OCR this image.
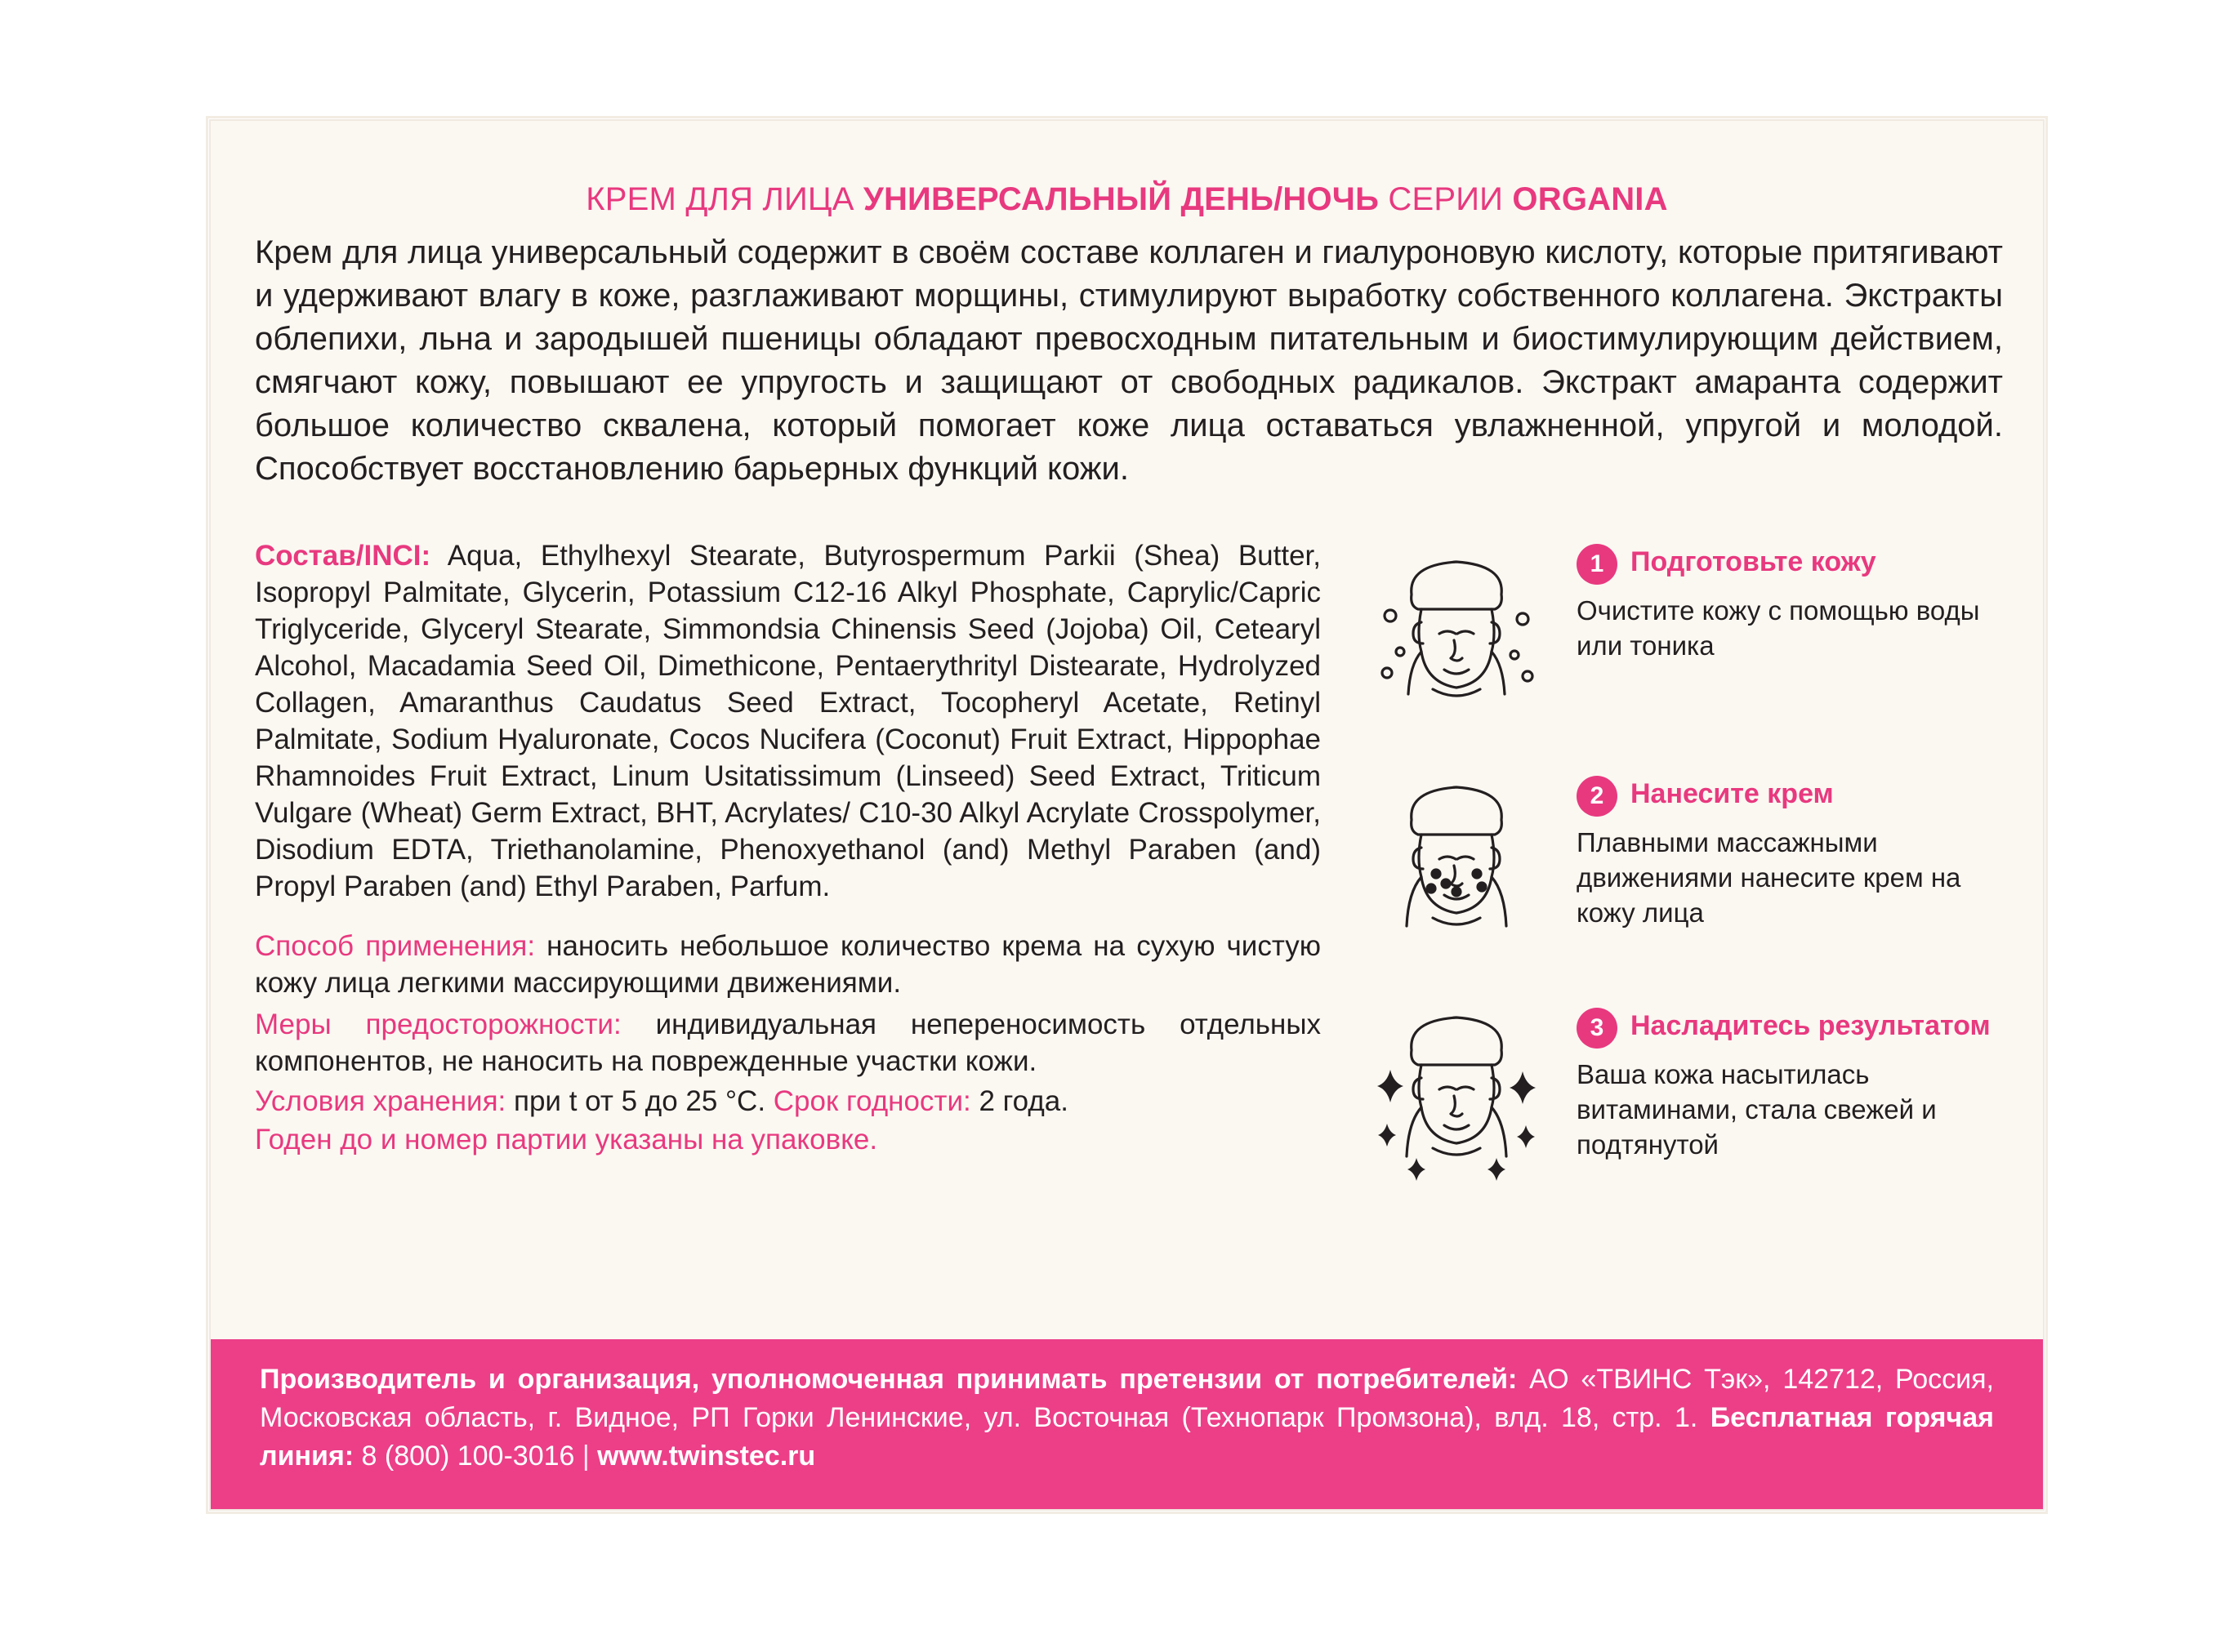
КРЕМ ДЛЯ ЛИЦА УНИВЕРСАЛЬНЫЙ ДЕНЬ/НОЧЬ СЕРИИ ORGANIA
Крем для лица универсальный содержит в своём составе коллаген и гиалуроновую кислоту, которые притягивают и удерживают влагу в коже, разглаживают морщины, стимулируют выработку собственного коллагена. Экстракты облепихи, льна и зародышей пшеницы обладают превосходным питательным и биостимулирующим действием, смягчают кожу, повышают ее упругость и защищают от свободных радикалов. Экстракт амаранта содержит большое количество сквалена, который помогает коже лица оставаться увлажненной, упругой и молодой. Способствует восстановлению барьерных функций кожи.
Состав/INCI: Aqua, Ethylhexyl Stearate, Butyrospermum Parkii (Shea) Butter, Isopropyl Palmitate, Glycerin, Potassium C12-16 Alkyl Phosphate, Caprylic/Capric Triglyceride, Glyceryl Stearate, Simmondsia Chinensis Seed (Jojoba) Oil, Cetearyl Alcohol, Macadamia Seed Oil, Dimethicone, Pentaerythrityl Distearate, Hydrolyzed Collagen, Amaranthus Caudatus Seed Extract, Tocopheryl Acetate, Retinyl Palmitate, Sodium Hyaluronate, Cocos Nucifera (Coconut) Fruit Extract, Hippophae Rhamnoides Fruit Extract, Linum Usitatissimum (Linseed) Seed Extract, Triticum Vulgare (Wheat) Germ Extract, BHT, Acrylates/ C10-30 Alkyl Acrylate Crosspolymer, Disodium EDTA, Triethanolamine, Phenoxyethanol (and) Methyl Paraben (and) Propyl Paraben (and) Ethyl Paraben, Parfum.
Способ применения: наносить небольшое количество крема на сухую чистую кожу лица легкими массирующими движениями.
Меры предосторожности: индивидуальная непереносимость отдельных компонентов, не наносить на поврежденные участки кожи.
Условия хранения: при t от 5 до 25 °C. Срок годности: 2 года.
Годен до и номер партии указаны на упаковке.
1 Подготовьте кожу
Очистите кожу с помощью воды или тоника
2 Нанесите крем
Плавными массажными движениями нанесите крем на кожу лица
3 Насладитесь результатом
Ваша кожа насытилась витаминами, стала свежей и подтянутой
Производитель и организация, уполномоченная принимать претензии от потребителей: АО «ТВИНС Тэк», 142712, Россия, Московская область, г. Видное, РП Горки Ленинские, ул. Восточная (Технопарк Промзона), влд. 18, стр. 1. Бесплатная горячая линия: 8 (800) 100-3016 | www.twinstec.ru
